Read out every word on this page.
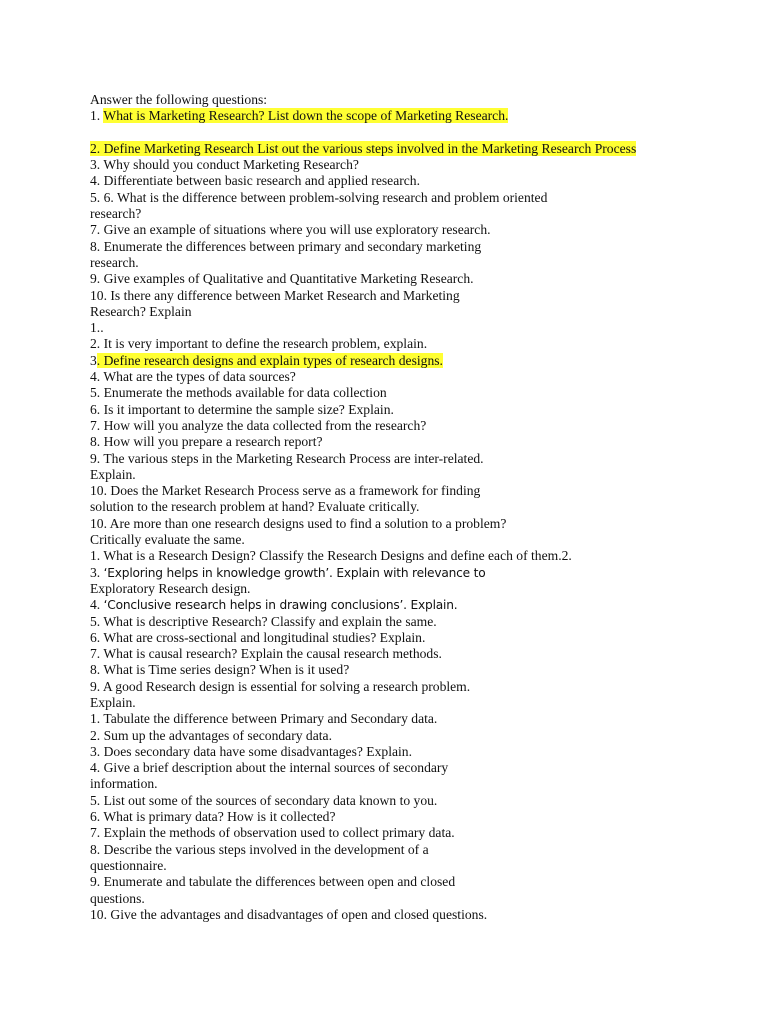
Answer the following questions:
1. What is Marketing Research? List down the scope of Marketing Research.
2. Define Marketing Research List out the various steps involved in the Marketing Research Process
3. Why should you conduct Marketing Research?
4. Differentiate between basic research and applied research.
5. 6. What is the difference between problem-solving research and problem oriented
research?
7. Give an example of situations where you will use exploratory research.
8. Enumerate the differences between primary and secondary marketing
research.
9. Give examples of Qualitative and Quantitative Marketing Research.
10. Is there any difference between Market Research and Marketing
Research? Explain
1..
2. It is very important to define the research problem, explain.
3. Define research designs and explain types of research designs.
4. What are the types of data sources?
5. Enumerate the methods available for data collection
6. Is it important to determine the sample size? Explain.
7. How will you analyze the data collected from the research?
8. How will you prepare a research report?
9. The various steps in the Marketing Research Process are inter-related.
Explain.
10. Does the Market Research Process serve as a framework for finding
solution to the research problem at hand? Evaluate critically.
10. Are more than one research designs used to find a solution to a problem?
Critically evaluate the same.
1. What is a Research Design? Classify the Research Designs and define each of them.2.
3. ‘Exploring helps in knowledge growth’. Explain with relevance to
Exploratory Research design.
4. ‘Conclusive research helps in drawing conclusions’. Explain.
5. What is descriptive Research? Classify and explain the same.
6. What are cross-sectional and longitudinal studies? Explain.
7. What is causal research? Explain the causal research methods.
8. What is Time series design? When is it used?
9. A good Research design is essential for solving a research problem.
Explain.
1. Tabulate the difference between Primary and Secondary data.
2. Sum up the advantages of secondary data.
3. Does secondary data have some disadvantages? Explain.
4. Give a brief description about the internal sources of secondary
information.
5. List out some of the sources of secondary data known to you.
6. What is primary data? How is it collected?
7. Explain the methods of observation used to collect primary data.
8. Describe the various steps involved in the development of a
questionnaire.
9. Enumerate and tabulate the differences between open and closed
questions.
10. Give the advantages and disadvantages of open and closed questions.
